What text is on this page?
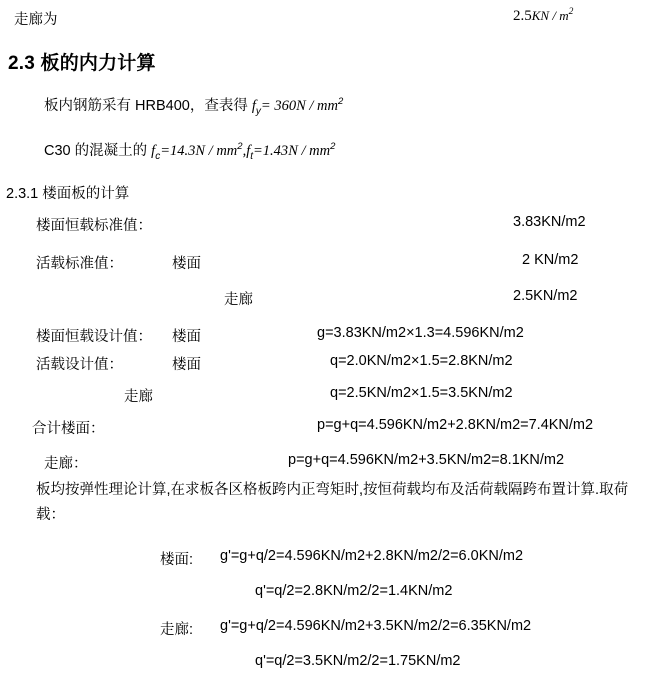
走廊为	$2.5KN / m^2$
2.3 板的内力计算
板内钢筋采有 HRB400，查表得 $f_y= 360N / mm^2$
C30 的混凝土的 $f_c=14.3N / mm^2,f_t=1.43N / mm^2$
2.3.1 楼面板的计算
楼面恒载标准值：	3.83KN/m2
活载标准值：	楼面	2 KN/m2
走廊	2.5KN/m2
楼面恒载设计值： 楼面	g=3.83KN/m2×1.3=4.596KN/m2
活载设计值：	楼面	q=2.0KN/m2×1.5=2.8KN/m2
走廊	q=2.5KN/m2×1.5=3.5KN/m2
合计楼面：	p=g+q=4.596KN/m2+2.8KN/m2=7.4KN/m2
走廊：	p=g+q=4.596KN/m2+3.5KN/m2=8.1KN/m2
板均按弹性理论计算,在求板各区格板跨内正弯矩时,按恒荷载均布及活荷载隔跨布置计算.取荷载：
楼面: g'=g+q/2=4.596KN/m2+2.8KN/m2/2=6.0KN/m2
q'=q/2=2.8KN/m2/2=1.4KN/m2
走廊: g'=g+q/2=4.596KN/m2+3.5KN/m2/2=6.35KN/m2
q'=q/2=3.5KN/m2/2=1.75KN/m2
